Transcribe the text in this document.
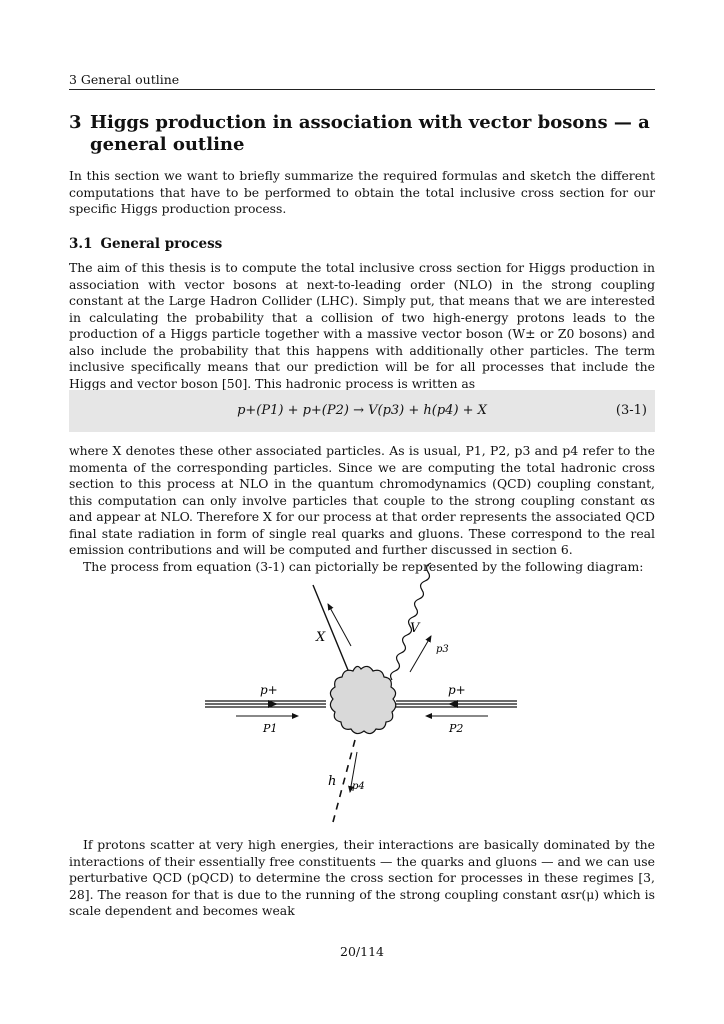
3 General outline
3 Higgs production in association with vector bosons — a general outline
In this section we want to briefly summarize the required formulas and sketch the different computations that have to be performed to obtain the total inclusive cross section for our specific Higgs production process.
3.1 General process
The aim of this thesis is to compute the total inclusive cross section for Higgs production in association with vector bosons at next-to-leading order (NLO) in the strong coupling constant at the Large Hadron Collider (LHC). Simply put, that means that we are interested in calculating the probability that a collision of two high-energy protons leads to the production of a Higgs particle together with a massive vector boson (W± or Z0 bosons) and also include the probability that this happens with additionally other particles. The term inclusive specifically means that our prediction will be for all processes that include the Higgs and vector boson [50]. This hadronic process is written as
p+(P1) + p+(P2) → V(p3) + h(p4) + X	(3-1)
where X denotes these other associated particles. As is usual, P1, P2, p3 and p4 refer to the momenta of the corresponding particles. Since we are computing the total hadronic cross section to this process at NLO in the quantum chromodynamics (QCD) coupling constant, this computation can only involve particles that couple to the strong coupling constant αs and appear at NLO. Therefore X for our process at that order represents the associated QCD final state radiation in form of single real quarks and gluons. These correspond to the real emission contributions and will be computed and further discussed in section 6.
The process from equation (3-1) can pictorially be represented by the following diagram:
X
V
p3
p+	p+
P1	P2
h p4
If protons scatter at very high energies, their interactions are basically dominated by the interactions of their essentially free constituents — the quarks and gluons — and we can use perturbative QCD (pQCD) to determine the cross section for processes in these regimes [3, 28]. The reason for that is due to the running of the strong coupling constant αsr(μ) which is scale dependent and becomes weak
20/114
